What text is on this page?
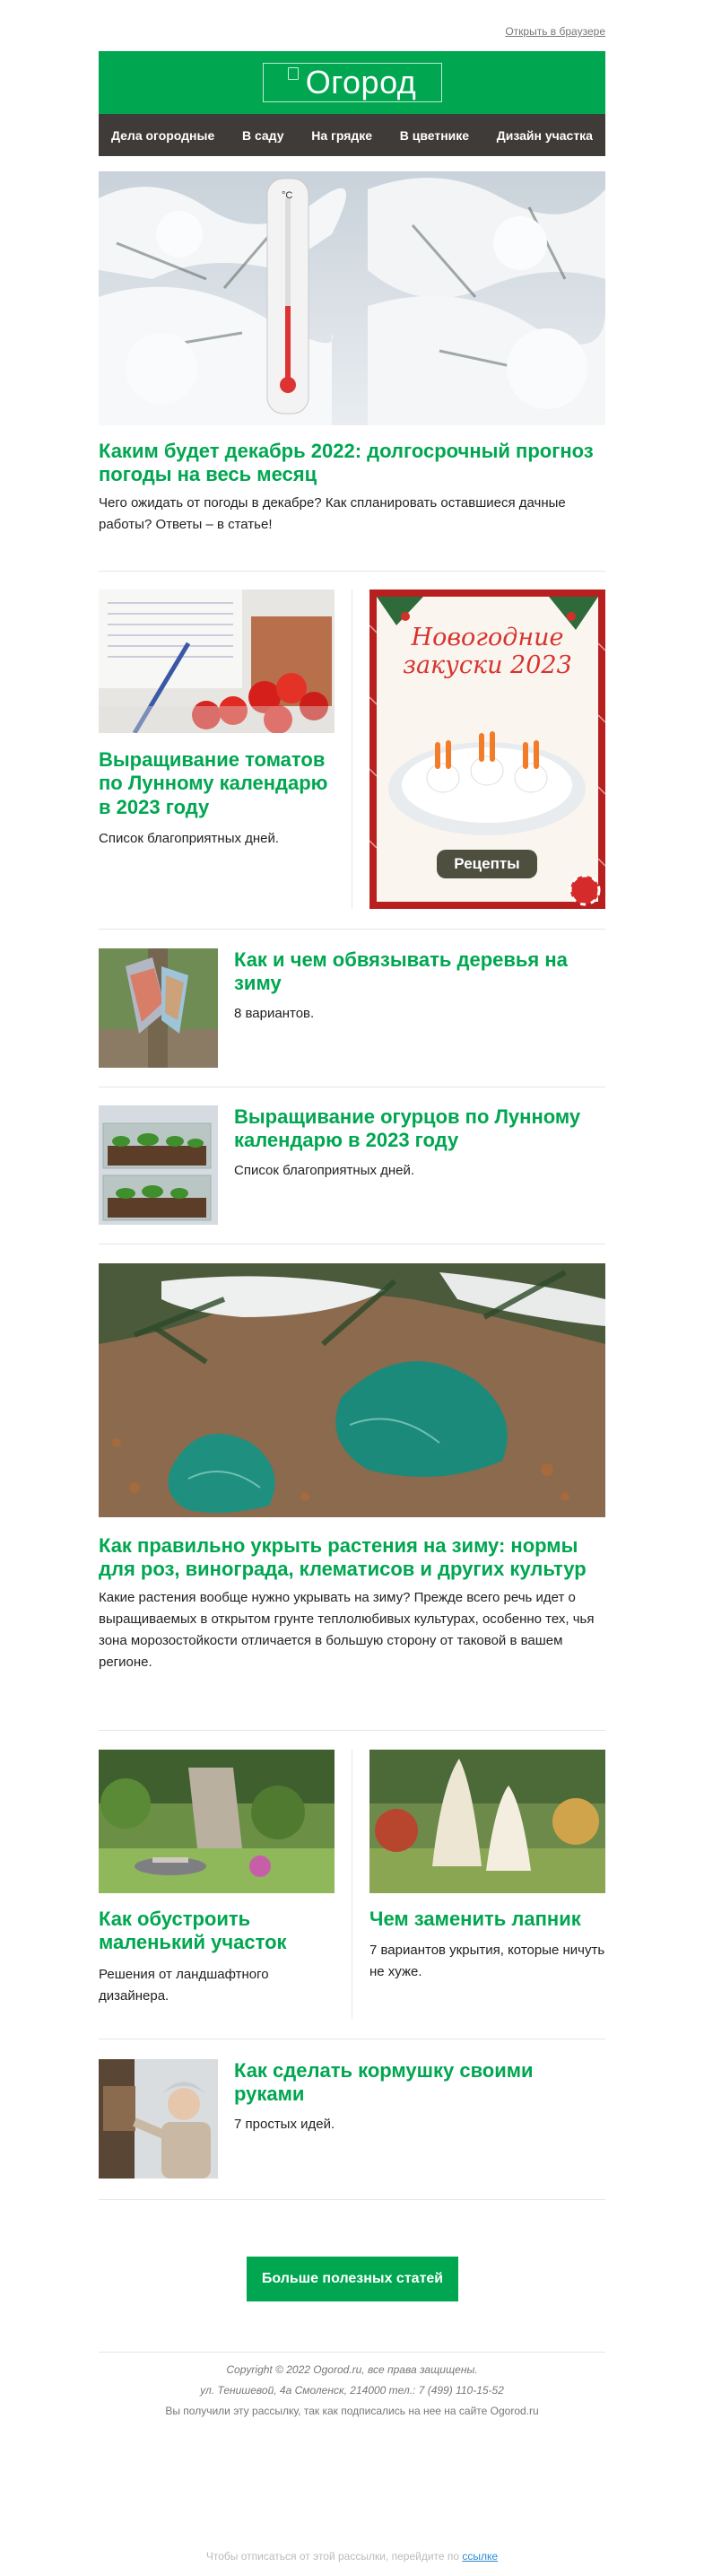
Открыть в браузере
Огород
Дела огородные В саду На грядке В цветнике Дизайн участка
°C
Каким будет декабрь 2022: долгосрочный прогноз погоды на весь месяц

Чего ожидать от погоды в декабре? Как спланировать оставшиеся дачные работы? Ответы – в статье!

Выращивание томатов по Лунному календарю в 2023 году

Список благоприятных дней.

Новогодние
закуски 2023
Рецепты
Как и чем обвязывать деревья на зиму

8 вариантов.

Выращивание огурцов по Лунному календарю в 2023 году

Список благоприятных дней.

Как правильно укрыть растения на зиму: нормы для роз, винограда, клематисов и других культур

Какие растения вообще нужно укрывать на зиму? Прежде всего речь идет о выращиваемых в открытом грунте теплолюбивых культурах, особенно тех, чья зона морозостойкости отличается в большую сторону от таковой в вашем регионе.

Как обустроить маленький участок

Решения от ландшафтного дизайнера.

Чем заменить лапник

7 вариантов укрытия, которые ничуть не хуже.

Как сделать кормушку своими руками

7 простых идей.

Больше полезных статей
Copyright © 2022 Ogorod.ru, все права защищены.
ул. Тенишевой, 4а Смоленск, 214000 тел.: 7 (499) 110-15-52
Вы получили эту рассылку, так как подписались на нее на сайте Ogorod.ru
Чтобы отписаться от этой рассылки, перейдите по ссылке
